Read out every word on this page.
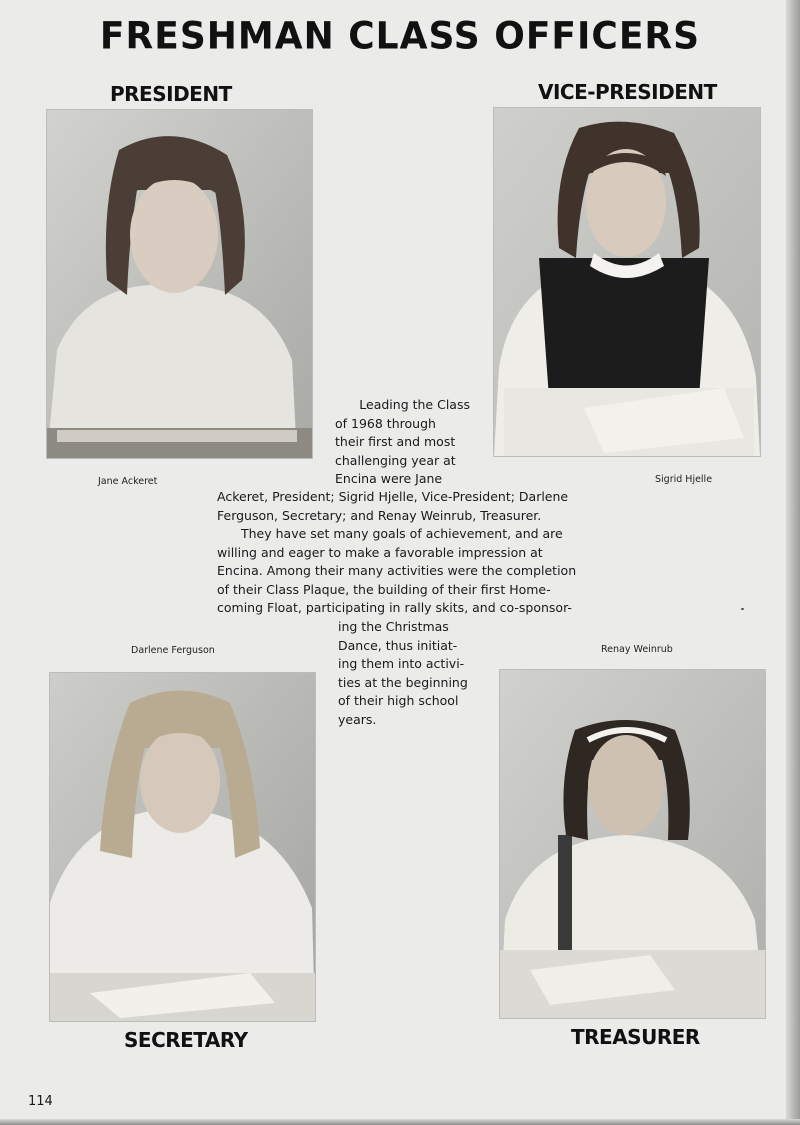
FRESHMAN CLASS OFFICERS
PRESIDENT	VICE-PRESIDENT
Jane Ackeret	Sigrid Hjelle
Leading the Class
of 1968 through
their first and most
challenging year at
Encina were Jane
Ackeret, President; Sigrid Hjelle, Vice-President; Darlene
Ferguson, Secretary; and Renay Weinrub, Treasurer.
They have set many goals of achievement, and are
willing and eager to make a favorable impression at
Encina. Among their many activities were the completion
of their Class Plaque, the building of their first Home-
coming Float, participating in rally skits, and co-sponsor-
ing the Christmas
Dance, thus initiat-
ing them into activi-
ties at the beginning
of their high school
years.
Darlene Ferguson	Renay Weinrub
SECRETARY	TREASURER
114
